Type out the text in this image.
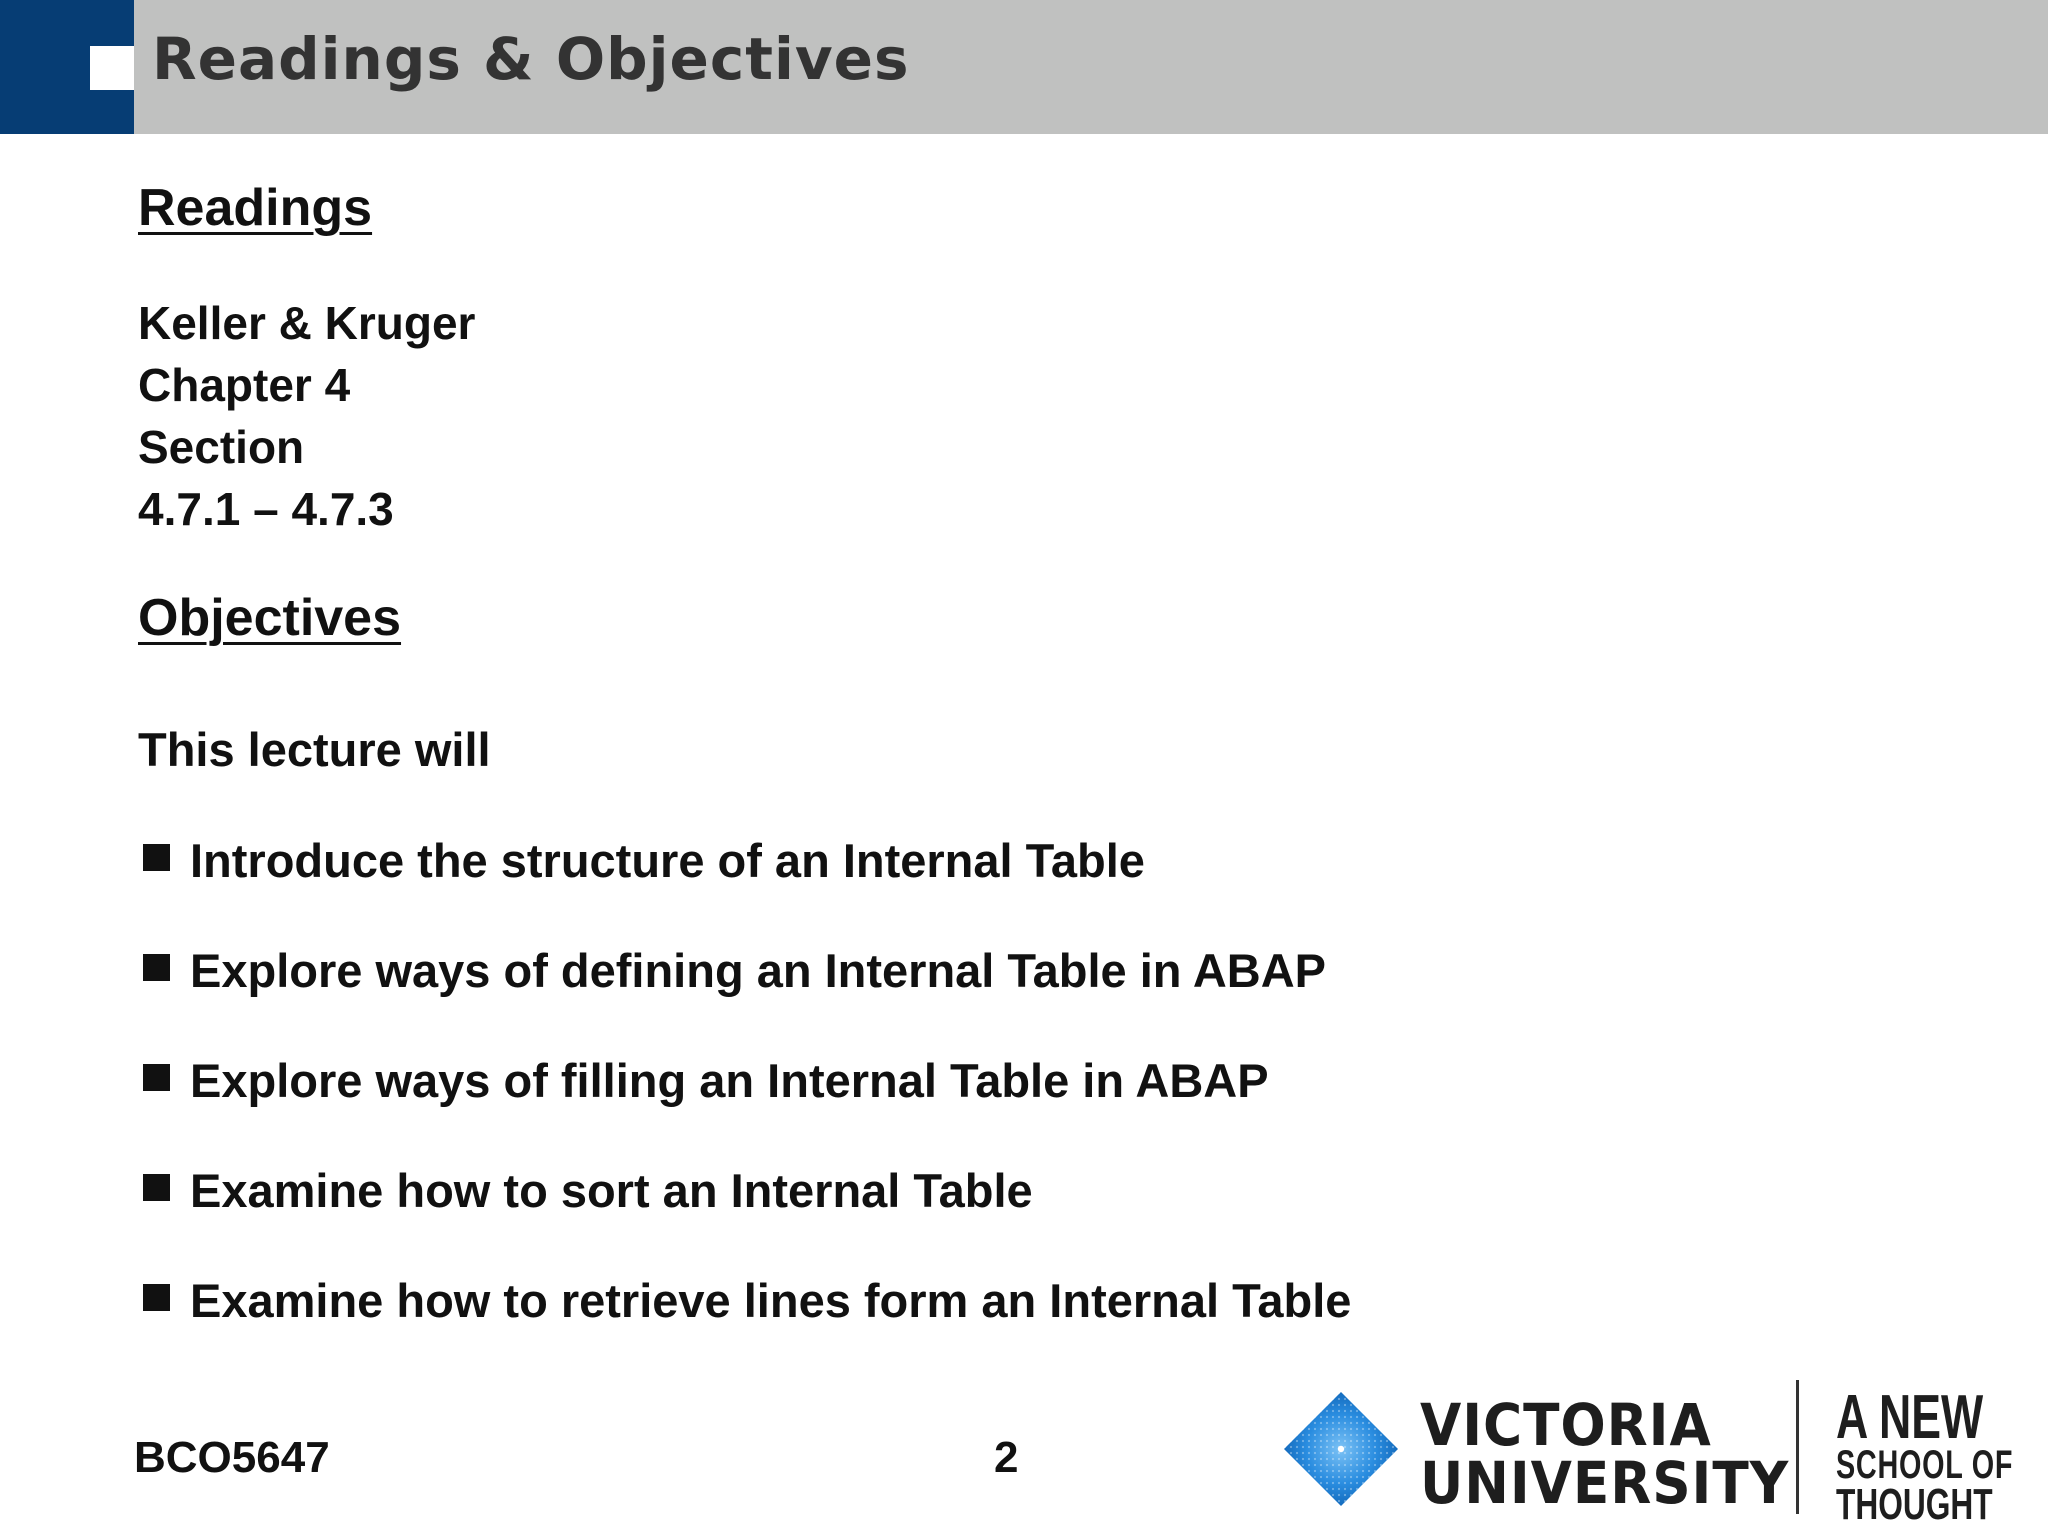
Readings & Objectives
Readings
Keller & Kruger
Chapter 4
Section
4.7.1 – 4.7.3
Objectives
This lecture will
Introduce the structure of an Internal Table
Explore ways of defining an Internal Table in ABAP
Explore ways of filling an Internal Table in ABAP
Examine how to sort an Internal Table
Examine how to retrieve lines form an Internal Table
BCO5647	2	VICTORIA
UNIVERSITY
A NEW
SCHOOL OF
THOUGHT
